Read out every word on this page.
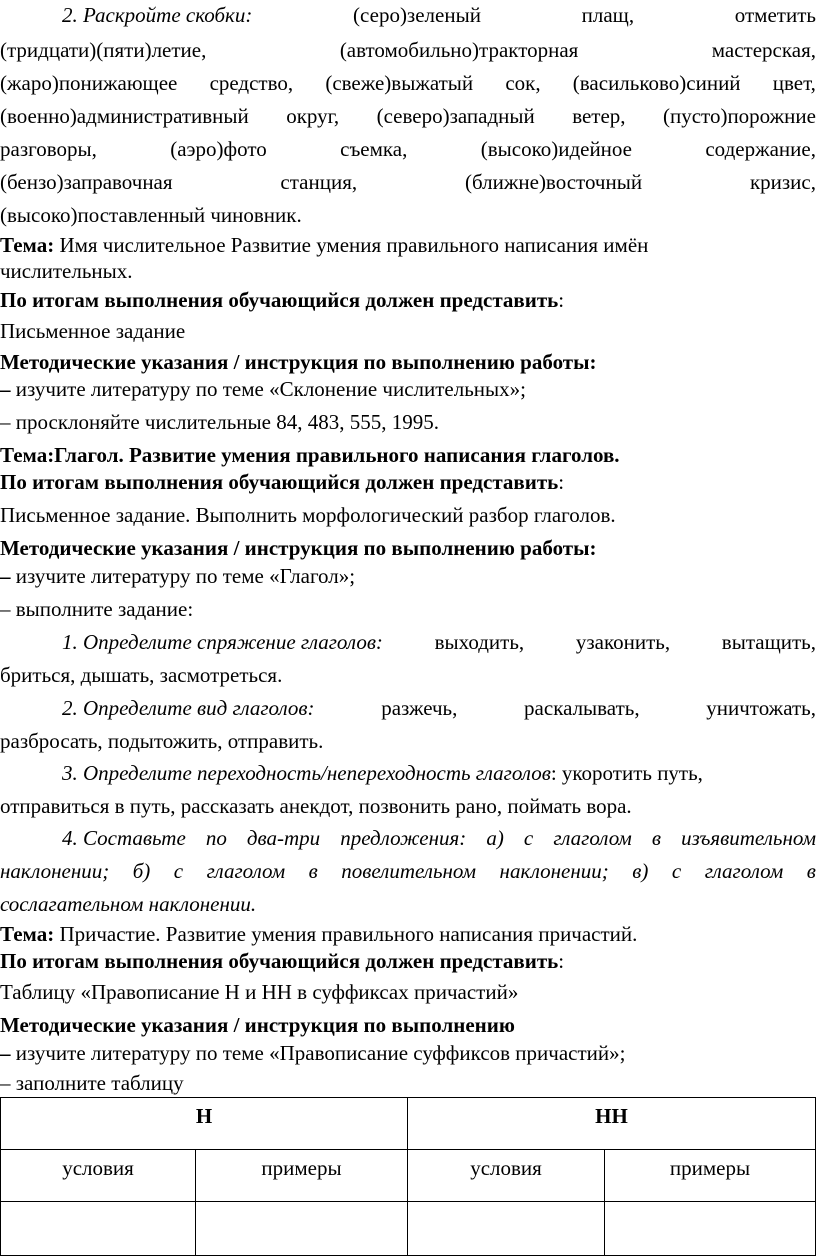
2. Раскройте скобки:	(серо)зеленый	плащ,	отметить
(тридцати)(пяти)летие,	(автомобильно)тракторная	мастерская,
(жаро)понижающее средство, (свеже)выжатый сок, (васильково)синий цвет,
(военно)административный округ, (северо)западный ветер, (пусто)порожние
разговоры,	(аэро)фото	съемка,	(высоко)идейное	содержание,
(бензо)заправочная	станция,	(ближне)восточный	кризис,
(высоко)поставленный чиновник.
Тема: Имя числительное Развитие умения правильного написания имён
числительных.
По итогам выполнения обучающийся должен представить:
Письменное задание
Методические указания / инструкция по выполнению работы:
– изучите литературу по теме «Склонение числительных»;
– просклоняйте числительные 84, 483, 555, 1995.
Тема:Глагол. Развитие умения правильного написания глаголов.
По итогам выполнения обучающийся должен представить:
Письменное задание. Выполнить морфологический разбор глаголов.
Методические указания / инструкция по выполнению работы:
– изучите литературу по теме «Глагол»;
– выполните задание:
1. Определите спряжение глаголов: выходить, узаконить, вытащить,
бриться, дышать, засмотреться.
2. Определите вид глаголов:	разжечь,	раскалывать,	уничтожать,
разбросать, подытожить, отправить.
3. Определите переходность/непереходность глаголов: укоротить путь,
отправиться в путь, рассказать анекдот, позвонить рано, поймать вора.
4. Составьте по два-три предложения: а) с глаголом в изъявительном
наклонении; б) с глаголом в повелительном наклонении; в) с глаголом в
сослагательном наклонении.
Тема: Причастие. Развитие умения правильного написания причастий.
По итогам выполнения обучающийся должен представить:
Таблицу «Правописание Н и НН в суффиксах причастий»
Методические указания / инструкция по выполнению
– изучите литературу по теме «Правописание суффиксов причастий»;
– заполните таблицу
Н		НН	
условия	примеры	условия	примеры
